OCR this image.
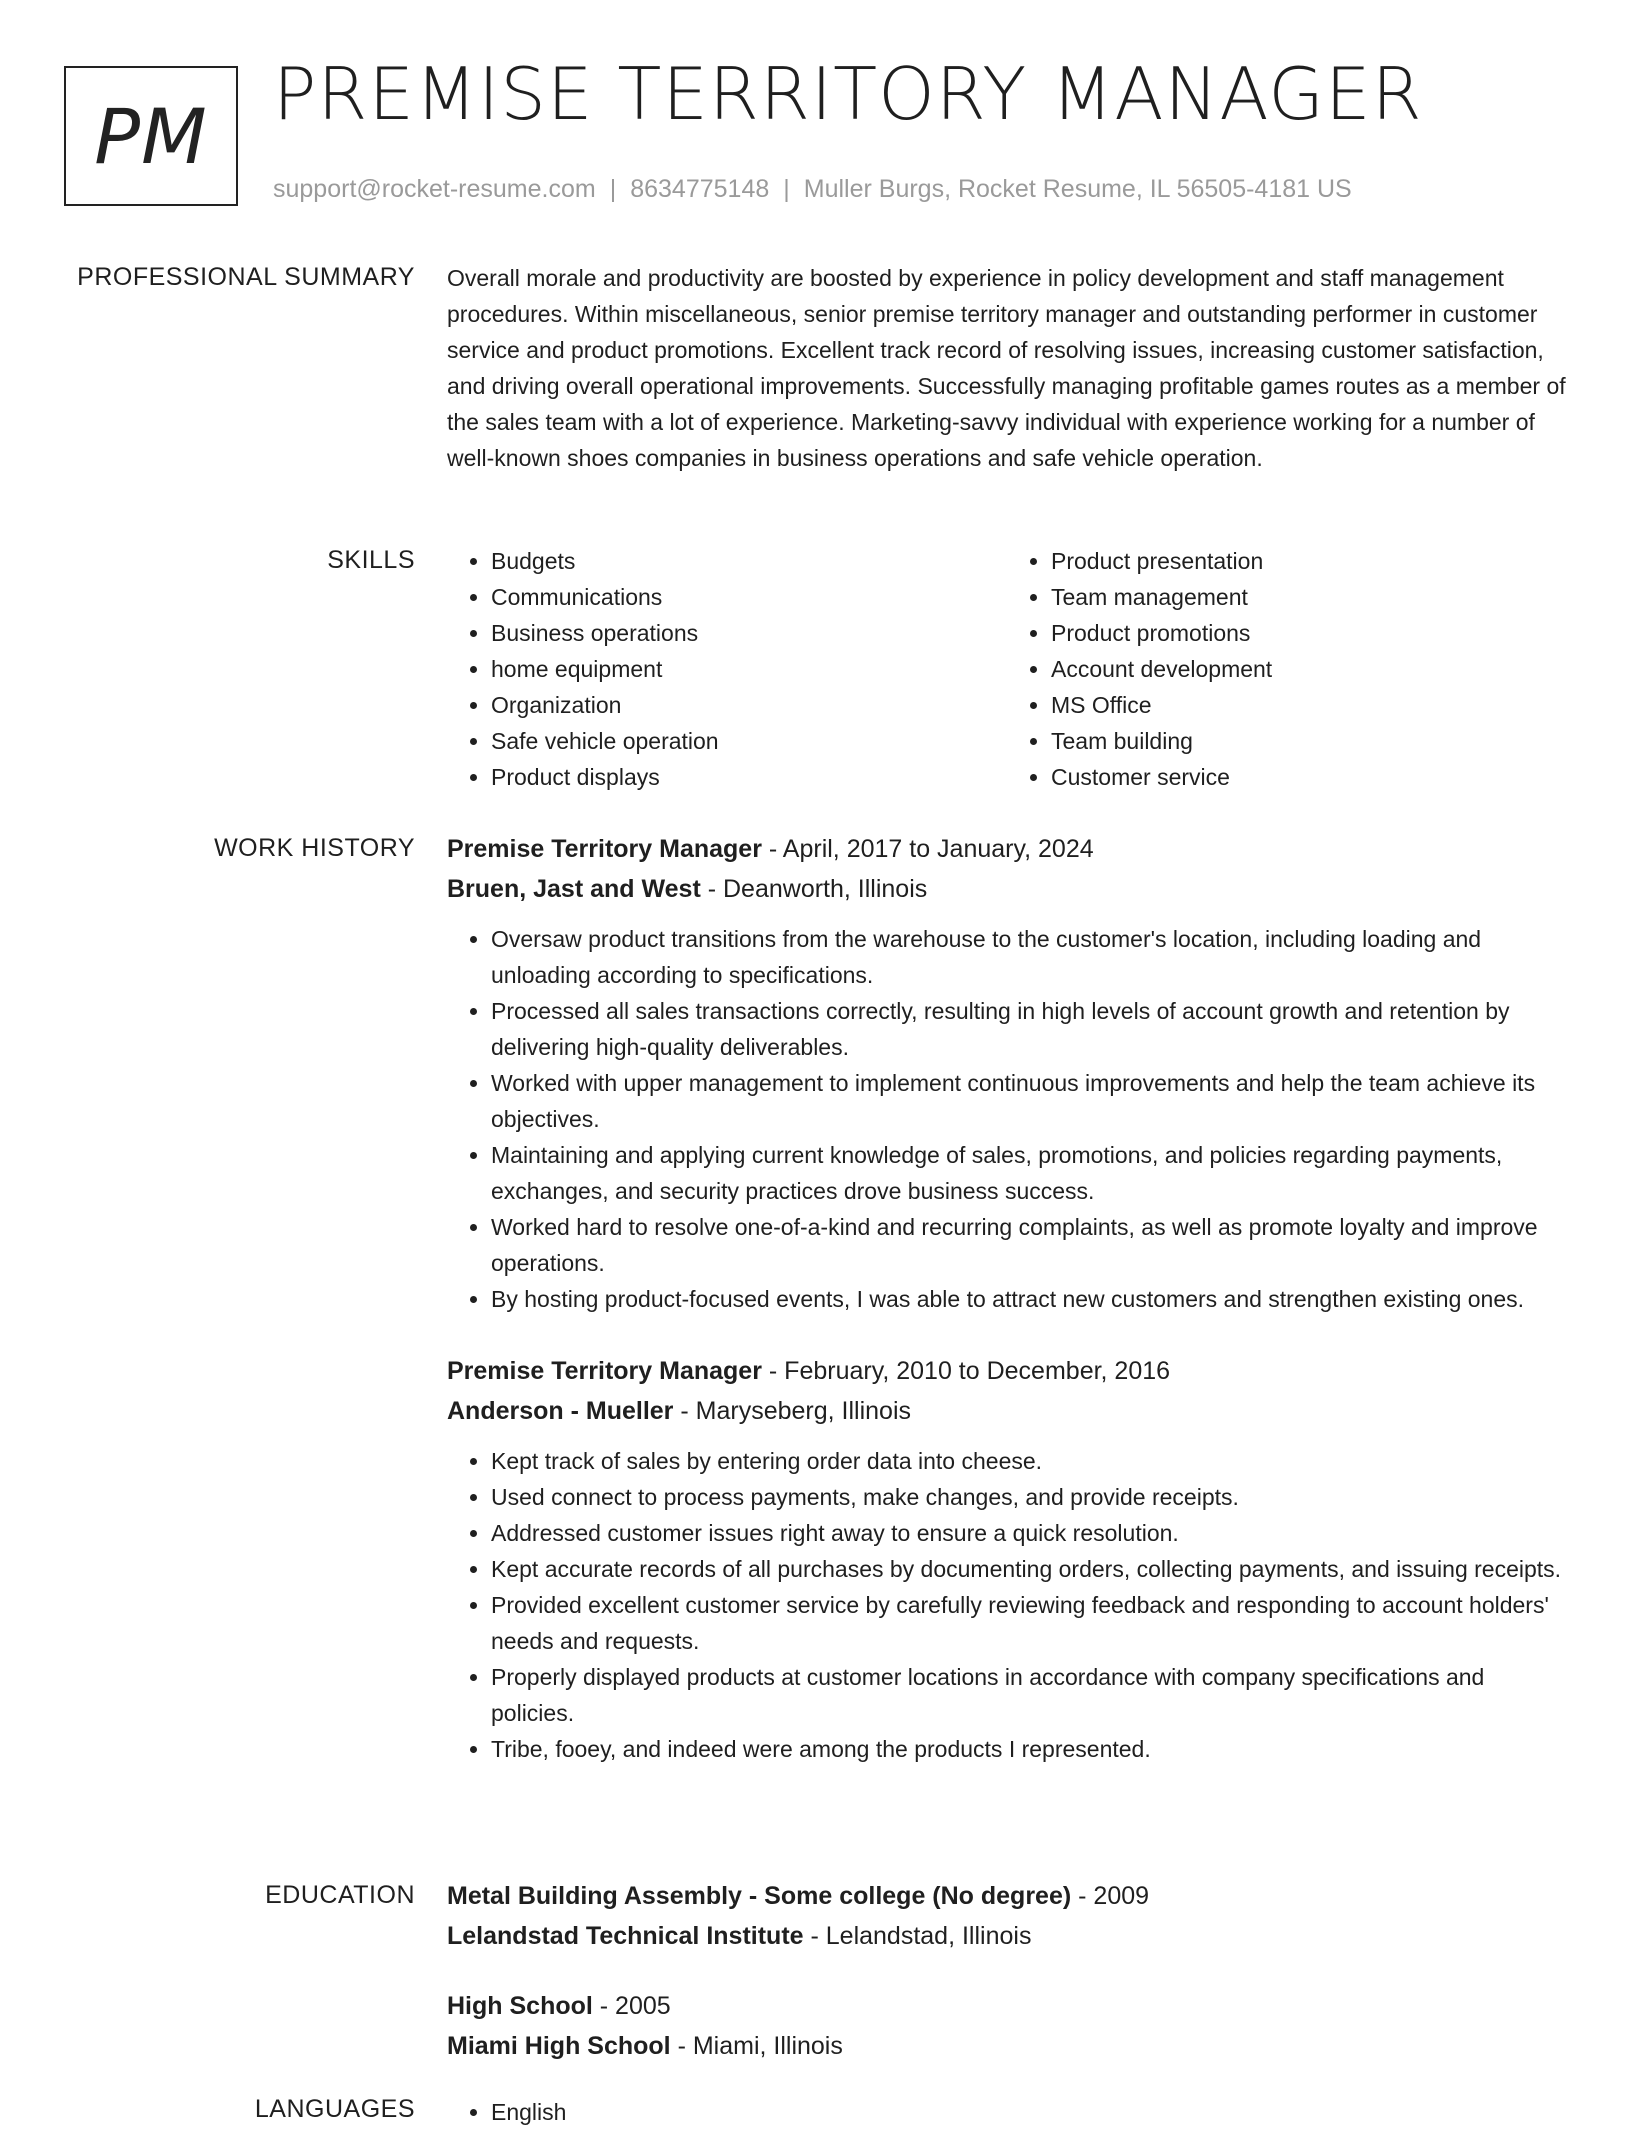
PM PREMISE TERRITORY MANAGER
support@rocket-resume.com | 8634775148 | Muller Burgs, Rocket Resume, IL 56505-4181 US
PROFESSIONAL SUMMARY Overall morale and productivity are boosted by experience in policy development and staff management procedures. Within miscellaneous, senior premise territory manager and outstanding performer in customer service and product promotions. Excellent track record of resolving issues, increasing customer satisfaction, and driving overall operational improvements. Successfully managing profitable games routes as a member of the sales team with a lot of experience. Marketing-savvy individual with experience working for a number of well-known shoes companies in business operations and safe vehicle operation.

SKILLS	• Budgets
• Communications
• Business operations
• home equipment
• Organization
• Safe vehicle operation
• Product displays
• Product presentation
• Team management
• Product promotions
• Account development
• MS Office
• Team building
• Customer service
WORK HISTORY Premise Territory Manager - April, 2017 to January, 2024
Bruen, Jast and West - Deanworth, Illinois
• Oversaw product transitions from the warehouse to the customer's location, including loading and unloading according to specifications.
• Processed all sales transactions correctly, resulting in high levels of account growth and retention by delivering high-quality deliverables.
• Worked with upper management to implement continuous improvements and help the team achieve its objectives.
• Maintaining and applying current knowledge of sales, promotions, and policies regarding payments, exchanges, and security practices drove business success.
• Worked hard to resolve one-of-a-kind and recurring complaints, as well as promote loyalty and improve operations.
• By hosting product-focused events, I was able to attract new customers and strengthen existing ones.
Premise Territory Manager - February, 2010 to December, 2016
Anderson - Mueller - Maryseberg, Illinois
• Kept track of sales by entering order data into cheese.
• Used connect to process payments, make changes, and provide receipts.
• Addressed customer issues right away to ensure a quick resolution.
• Kept accurate records of all purchases by documenting orders, collecting payments, and issuing receipts.
• Provided excellent customer service by carefully reviewing feedback and responding to account holders' needs and requests.
• Properly displayed products at customer locations in accordance with company specifications and policies.
• Tribe, fooey, and indeed were among the products I represented.
EDUCATION Metal Building Assembly - Some college (No degree) - 2009
Lelandstad Technical Institute - Lelandstad, Illinois
High School - 2005
Miami High School - Miami, Illinois
LANGUAGES	• English
